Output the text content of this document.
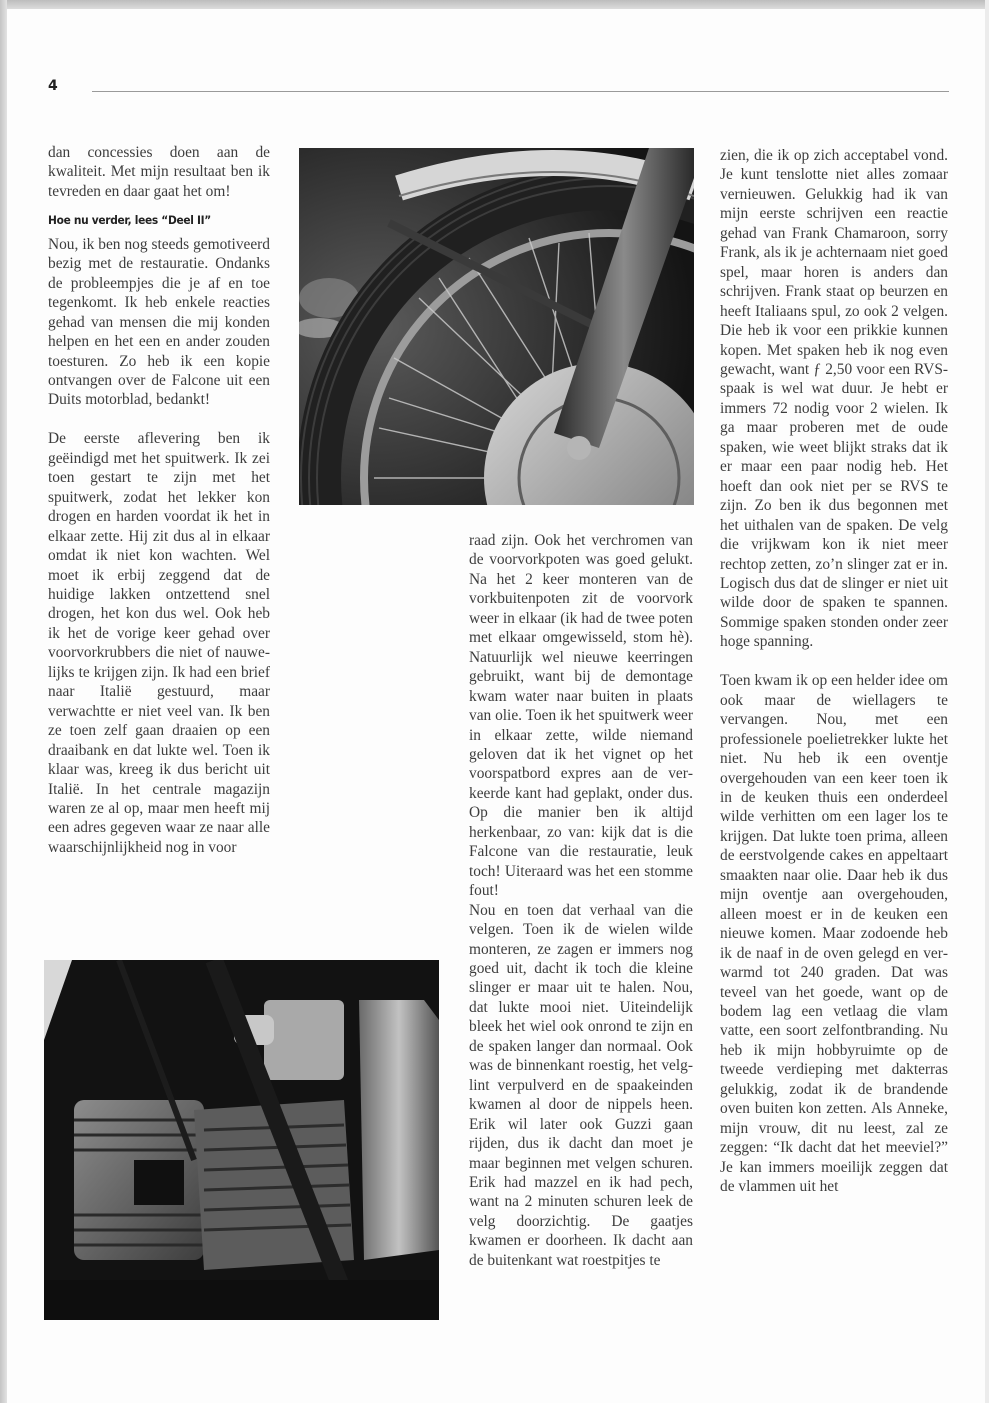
4

dan concessies doen aan de kwaliteit. Met mijn resultaat ben ik tevreden en daar gaat het om!

Hoe nu verder, lees “Deel II”

Nou, ik ben nog steeds gemotiveerd bezig met de restauratie. Ondanks de probleempjes die je af en toe tegenkomt. Ik heb enkele reacties gehad van mensen die mij konden helpen en het een en ander zouden toesturen. Zo heb ik een kopie ontvangen over de Falcone uit een Duits motorblad, bedankt!

De eerste aflevering ben ik geëindigd met het spuitwerk. Ik zei toen gestart te zijn met het spuitwerk, zodat het lekker kon drogen en harden voordat ik het in elkaar zette. Hij zit dus al in elkaar omdat ik niet kon wachten. Wel moet ik erbij zeggend dat de huidige lakken ontzettend snel drogen, het kon dus wel. Ook heb ik het de vorige keer gehad over voorvorkrubbers die niet of nauwelijks te krijgen zijn. Ik had een brief naar Italië gestuurd, maar verwachtte er niet veel van. Ik ben ze toen zelf gaan draaien op een draaibank en dat lukte wel. Toen ik klaar was, kreeg ik dus bericht uit Italië. In het centrale magazijn waren ze al op, maar men heeft mij een adres gegeven waar ze naar alle waarschijnlijkheid nog in voor

raad zijn. Ook het verchromen van de voorvorkpoten was goed gelukt. Na het 2 keer monteren van de vorkbuitenpoten zit de voorvork weer in elkaar (ik had de twee poten met elkaar omgewisseld, stom hè). Natuurlijk wel nieuwe keerringen gebruikt, want bij de demontage kwam water naar buiten in plaats van olie. Toen ik het spuitwerk weer in elkaar zette, wilde niemand geloven dat ik het vignet op het voorspatbord expres aan de verkeerde kant had geplakt, onder dus. Op die manier ben ik altijd herkenbaar, zo van: kijk dat is die Falcone van die restauratie, leuk toch! Uiteraard was het een stomme fout!

Nou en toen dat verhaal van die velgen. Toen ik de wielen wilde monteren, ze zagen er immers nog goed uit, dacht ik toch die kleine slinger er maar uit te halen. Nou, dat lukte mooi niet. Uiteindelijk bleek het wiel ook onrond te zijn en de spaken langer dan normaal. Ook was de binnenkant roestig, het velglint verpulverd en de spaakeinden kwamen al door de nippels heen. Erik wil later ook Guzzi gaan rijden, dus ik dacht dan moet je maar beginnen met velgen schuren. Erik had mazzel en ik had pech, want na 2 minuten schuren leek de velg doorzichtig. De gaatjes kwamen er doorheen. Ik dacht aan de buitenkant wat roestpitjes te

zien, die ik op zich acceptabel vond. Je kunt tenslotte niet alles zomaar vernieuwen. Gelukkig had ik van mijn eerste schrijven een reactie gehad van Frank Chamaroon, sorry Frank, als ik je achternaam niet goed spel, maar horen is anders dan schrijven. Frank staat op beurzen en heeft Italiaans spul, zo ook 2 velgen. Die heb ik voor een prikkie kunnen kopen. Met spaken heb ik nog even gewacht, want ƒ 2,50 voor een RVS-spaak is wel wat duur. Je hebt er immers 72 nodig voor 2 wielen. Ik ga maar proberen met de oude spaken, wie weet blijkt straks dat ik er maar een paar nodig heb. Het hoeft dan ook niet per se RVS te zijn. Zo ben ik dus begonnen met het uithalen van de spaken. De velg die vrijkwam kon ik niet meer rechtop zetten, zo’n slinger zat er in. Logisch dus dat de slinger er niet uit wilde door de spaken te spannen. Sommige spaken stonden onder zeer hoge spanning.

Toen kwam ik op een helder idee om ook maar de wiellagers te vervangen. Nou, met een professionele poelietrekker lukte het niet. Nu heb ik een oventje overgehouden van een keer toen ik in de keuken thuis een onderdeel wilde verhitten om een lager los te krijgen. Dat lukte toen prima, alleen de eerstvolgende cakes en appeltaart smaakten naar olie. Daar heb ik dus mijn oventje aan overgehouden, alleen moest er in de keuken een nieuwe komen. Maar zodoende heb ik de naaf in de oven gelegd en verwarmd tot 240 graden. Dat was teveel van het goede, want op de bodem lag een vetlaag die vlam vatte, een soort zelfontbranding. Nu heb ik mijn hobbyruimte op de tweede verdieping met dakterras gelukkig, zodat ik de brandende oven buiten kon zetten. Als Anneke, mijn vrouw, dit nu leest, zal ze zeggen: “Ik dacht dat het meeviel?” Je kan immers moeilijk zeggen dat de vlammen uit het
